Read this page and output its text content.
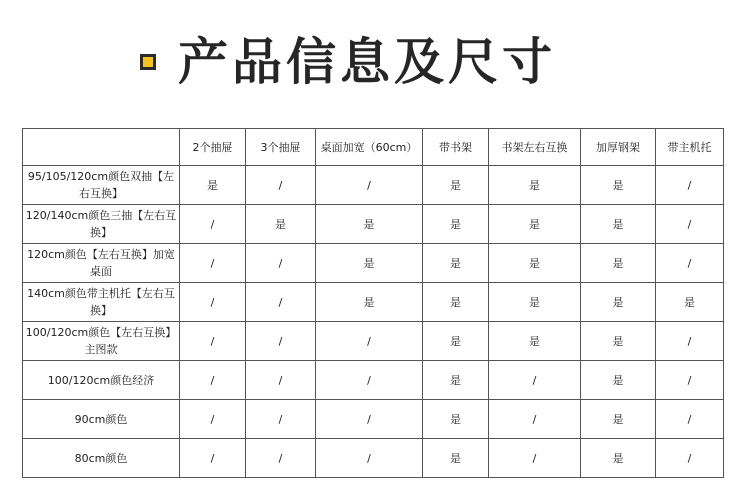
产品信息及尺寸
	2个抽屉	3个抽屉	桌面加宽（60cm）	带书架	书架左右互换	加厚钢架	带主机托
95/105/120cm颜色双抽【左右互换】	是	/	/	是	是	是	/
120/140cm颜色三抽【左右互换】	/	是	是	是	是	是	/
120cm颜色【左右互换】加宽桌面	/	/	是	是	是	是	/
140cm颜色带主机托【左右互换】	/	/	是	是	是	是	是
100/120cm颜色【左右互换】主图款	/	/	/	是	是	是	/
100/120cm颜色经济	/	/	/	是	/	是	/
90cm颜色	/	/	/	是	/	是	/
80cm颜色	/	/	/	是	/	是	/
